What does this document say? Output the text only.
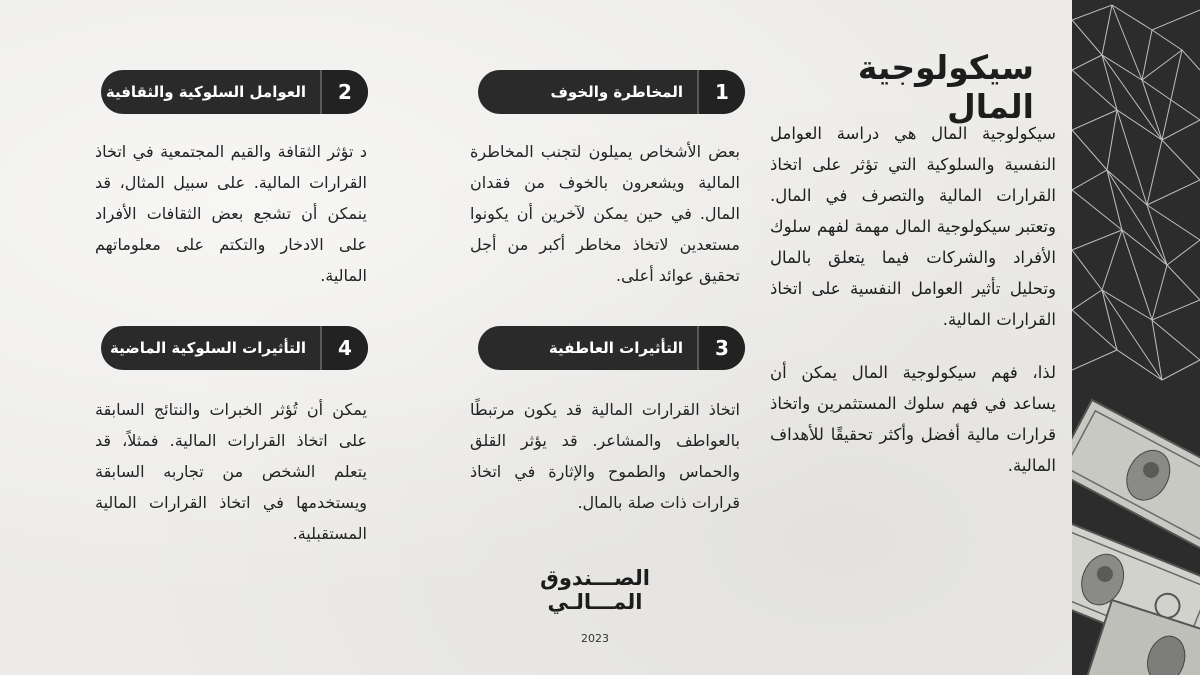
سيكولوجية المال

سيكولوجية المال هي دراسة العوامل النفسية والسلوكية التي تؤثر على اتخاذ القرارات المالية والتصرف في المال. وتعتبر سيكولوجية المال مهمة لفهم سلوك الأفراد والشركات فيما يتعلق بالمال وتحليل تأثير العوامل النفسية على اتخاذ القرارات المالية.

لذا، فهم سيكولوجية المال يمكن أن يساعد في فهم سلوك المستثمرين واتخاذ قرارات مالية أفضل وأكثر تحقيقًا للأهداف المالية.

1
المخاطرة والخوف
2
العوامل السلوكية والثقافية
3
التأثيرات العاطفية
4
التأثيرات السلوكية الماضية
بعض الأشخاص يميلون لتجنب المخاطرة المالية ويشعرون بالخوف من فقدان المال. في حين يمكن لآخرين أن يكونوا مستعدين لاتخاذ مخاطر أكبر من أجل تحقيق عوائد أعلى.
د تؤثر الثقافة والقيم المجتمعية في اتخاذ القرارات المالية. على سبيل المثال، قد ينمكن أن تشجع بعض الثقافات الأفراد على الادخار والتكتم على معلوماتهم المالية.
اتخاذ القرارات المالية قد يكون مرتبطًا بالعواطف والمشاعر. قد يؤثر القلق والحماس والطموح والإثارة في اتخاذ قرارات ذات صلة بالمال.
يمكن أن تُؤثر الخبرات والنتائج السابقة على اتخاذ القرارات المالية. فمثلاً، قد يتعلم الشخص من تجاربه السابقة ويستخدمها في اتخاذ القرارات المالية المستقبلية.
الصـــندوق
المـــالـي
2023
